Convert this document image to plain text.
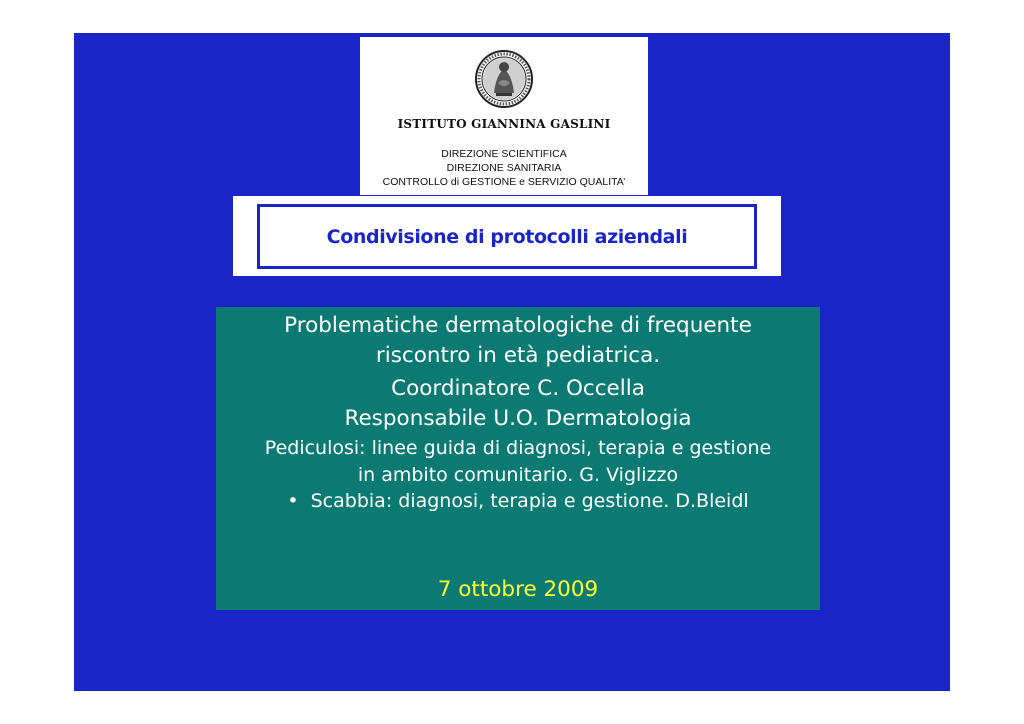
ISTITUTO GIANNINA GASLINI
DIREZIONE SCIENTIFICA
DIREZIONE SANITARIA
CONTROLLO di GESTIONE e SERVIZIO QUALITA’
Condivisione di protocolli aziendali
Problematiche dermatologiche di frequente
riscontro in età pediatrica.
Coordinatore C. Occella
Responsabile U.O. Dermatologia
Pediculosi: linee guida di diagnosi, terapia e gestione
in ambito comunitario. G. Viglizzo
• Scabbia: diagnosi, terapia e gestione. D.Bleidl
7 ottobre 2009
